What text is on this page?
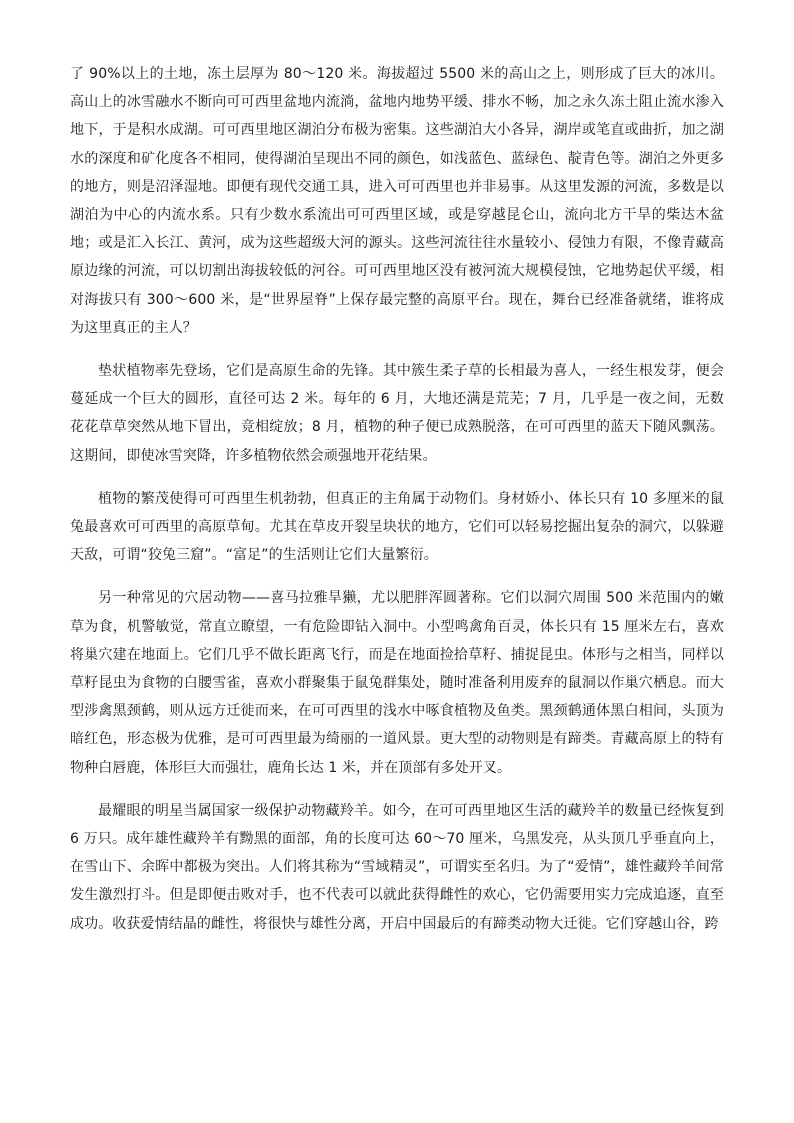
了 90%以上的土地，冻土层厚为 80～120 米。海拔超过 5500 米的高山之上，则形成了巨大的冰川。高山上的冰雪融水不断向可可西里盆地内流淌，盆地内地势平缓、排水不畅，加之永久冻土阻止流水渗入地下，于是积水成湖。可可西里地区湖泊分布极为密集。这些湖泊大小各异，湖岸或笔直或曲折，加之湖水的深度和矿化度各不相同，使得湖泊呈现出不同的颜色，如浅蓝色、蓝绿色、靛青色等。湖泊之外更多的地方，则是沼泽湿地。即便有现代交通工具，进入可可西里也并非易事。从这里发源的河流，多数是以湖泊为中心的内流水系。只有少数水系流出可可西里区域，或是穿越昆仑山，流向北方干旱的柴达木盆地；或是汇入长江、黄河，成为这些超级大河的源头。这些河流往往水量较小、侵蚀力有限，不像青藏高原边缘的河流，可以切割出海拔较低的河谷。可可西里地区没有被河流大规模侵蚀，它地势起伏平缓，相对海拔只有 300～600 米，是“世界屋脊”上保存最完整的高原平台。现在，舞台已经准备就绪，谁将成为这里真正的主人？

垫状植物率先登场，它们是高原生命的先锋。其中簇生柔子草的长相最为喜人，一经生根发芽，便会蔓延成一个巨大的圆形，直径可达 2 米。每年的 6 月，大地还满是荒芜；7 月，几乎是一夜之间，无数花花草草突然从地下冒出，竞相绽放；8 月，植物的种子便已成熟脱落，在可可西里的蓝天下随风飘荡。这期间，即使冰雪突降，许多植物依然会顽强地开花结果。

植物的繁茂使得可可西里生机勃勃，但真正的主角属于动物们。身材娇小、体长只有 10 多厘米的鼠兔最喜欢可可西里的高原草甸。尤其在草皮开裂呈块状的地方，它们可以轻易挖掘出复杂的洞穴，以躲避天敌，可谓“狡兔三窟”。“富足”的生活则让它们大量繁衍。

另一种常见的穴居动物——喜马拉雅旱獭，尤以肥胖浑圆著称。它们以洞穴周围 500 米范围内的嫩草为食，机警敏觉，常直立瞭望，一有危险即钻入洞中。小型鸣禽角百灵，体长只有 15 厘米左右，喜欢将巢穴建在地面上。它们几乎不做长距离飞行，而是在地面捡拾草籽、捕捉昆虫。体形与之相当，同样以草籽昆虫为食物的白腰雪雀，喜欢小群聚集于鼠兔群集处，随时准备利用废弃的鼠洞以作巢穴栖息。而大型涉禽黑颈鹤，则从远方迁徙而来，在可可西里的浅水中啄食植物及鱼类。黑颈鹤通体黑白相间，头顶为暗红色，形态极为优雅，是可可西里最为绮丽的一道风景。更大型的动物则是有蹄类。青藏高原上的特有物种白唇鹿，体形巨大而强壮，鹿角长达 1 米，并在顶部有多处开叉。

最耀眼的明星当属国家一级保护动物藏羚羊。如今，在可可西里地区生活的藏羚羊的数量已经恢复到 6 万只。成年雄性藏羚羊有黝黑的面部，角的长度可达 60～70 厘米，乌黑发亮，从头顶几乎垂直向上，在雪山下、余晖中都极为突出。人们将其称为“雪域精灵”，可谓实至名归。为了“爱情”，雄性藏羚羊间常发生激烈打斗。但是即便击败对手，也不代表可以就此获得雌性的欢心，它仍需要用实力完成追逐，直至成功。收获爱情结晶的雌性，将很快与雄性分离，开启中国最后的有蹄类动物大迁徙。它们穿越山谷，跨
